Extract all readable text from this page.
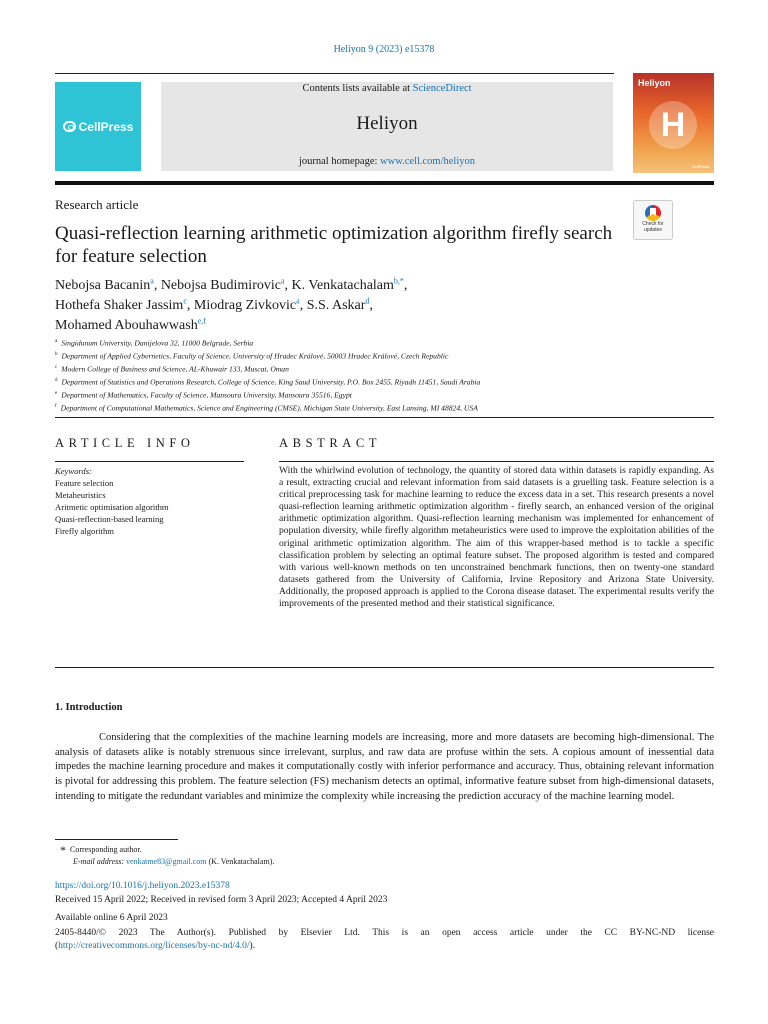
Heliyon 9 (2023) e15378
CellPress
Contents lists available at ScienceDirect
Heliyon
journal homepage: www.cell.com/heliyon
Heliyon
H
CellPress
Research article
Check for
updates
Quasi-reflection learning arithmetic optimization algorithm firefly search for feature selection
Nebojsa Bacanin$^a$, Nebojsa Budimirovic$^a$, K. Venkatachalam$^{b,*}$,
Hothefa Shaker Jassim$^c$, Miodrag Zivkovic$^a$, S.S. Askar$^d$,
Mohamed Abouhawwash$^{e,f}$
$^a$ Singidunum University, Danijelova 32, 11000 Belgrade, Serbia
$^b$ Department of Applied Cybernetics, Faculty of Science, University of Hradec Králové, 50003 Hradec Králové, Czech Republic
$^c$ Modern College of Business and Science, AL-Khuwair 133, Muscat, Oman
$^d$ Department of Statistics and Operations Research, College of Science, King Saud University, P.O. Box 2455, Riyadh 11451, Saudi Arabia
$^e$ Department of Mathematics, Faculty of Science, Mansoura University, Mansoura 35516, Egypt
$^f$ Department of Computational Mathematics, Science and Engineering (CMSE), Michigan State University, East Lansing, MI 48824, USA
ARTICLE INFO	ABSTRACT
Keywords:
Feature selection
Metaheuristics
Aritmetic optimisation algorithm
Quasi-reflection-based learning
Firefly algorithm
With the whirlwind evolution of technology, the quantity of stored data within datasets is rapidly expanding. As a result, extracting crucial and relevant information from said datasets is a gruelling task. Feature selection is a critical preprocessing task for machine learning to reduce the excess data in a set. This research presents a novel quasi-reflection learning arithmetic optimization algorithm - firefly search, an enhanced version of the original arithmetic optimization algorithm. Quasi-reflection learning mechanism was implemented for enhancement of population diversity, while firefly algorithm metaheuristics were used to improve the exploitation abilities of the original arithmetic optimization algorithm. The aim of this wrapper-based method is to tackle a specific classification problem by selecting an optimal feature subset. The proposed algorithm is tested and compared with various well-known methods on ten unconstrained benchmark functions, then on twenty-one standard datasets gathered from the University of California, Irvine Repository and Arizona State University. Additionally, the proposed approach is applied to the Corona disease dataset. The experimental results verify the improvements of the presented method and their statistical significance.
1. Introduction
Considering that the complexities of the machine learning models are increasing, more and more datasets are becoming high-dimensional. The analysis of datasets alike is notably strenuous since irrelevant, surplus, and raw data are profuse within the sets. A copious amount of inessential data impedes the machine learning procedure and makes it computationally costly with inferior performance and accuracy. Thus, obtaining relevant information is pivotal for addressing this problem. The feature selection (FS) mechanism detects an optimal, informative feature subset from high-dimensional datasets, intending to mitigate the redundant variables and minimize the complexity while increasing the prediction accuracy of the machine learning model.
* Corresponding author.
E-mail address: venkatme83@gmail.com (K. Venkatachalam).
https://doi.org/10.1016/j.heliyon.2023.e15378
Received 15 April 2022; Received in revised form 3 April 2023; Accepted 4 April 2023
Available online 6 April 2023
2405-8440/© 2023 The Author(s). Published by Elsevier Ltd. This is an open access article under the CC BY-NC-ND license
(http://creativecommons.org/licenses/by-nc-nd/4.0/).
